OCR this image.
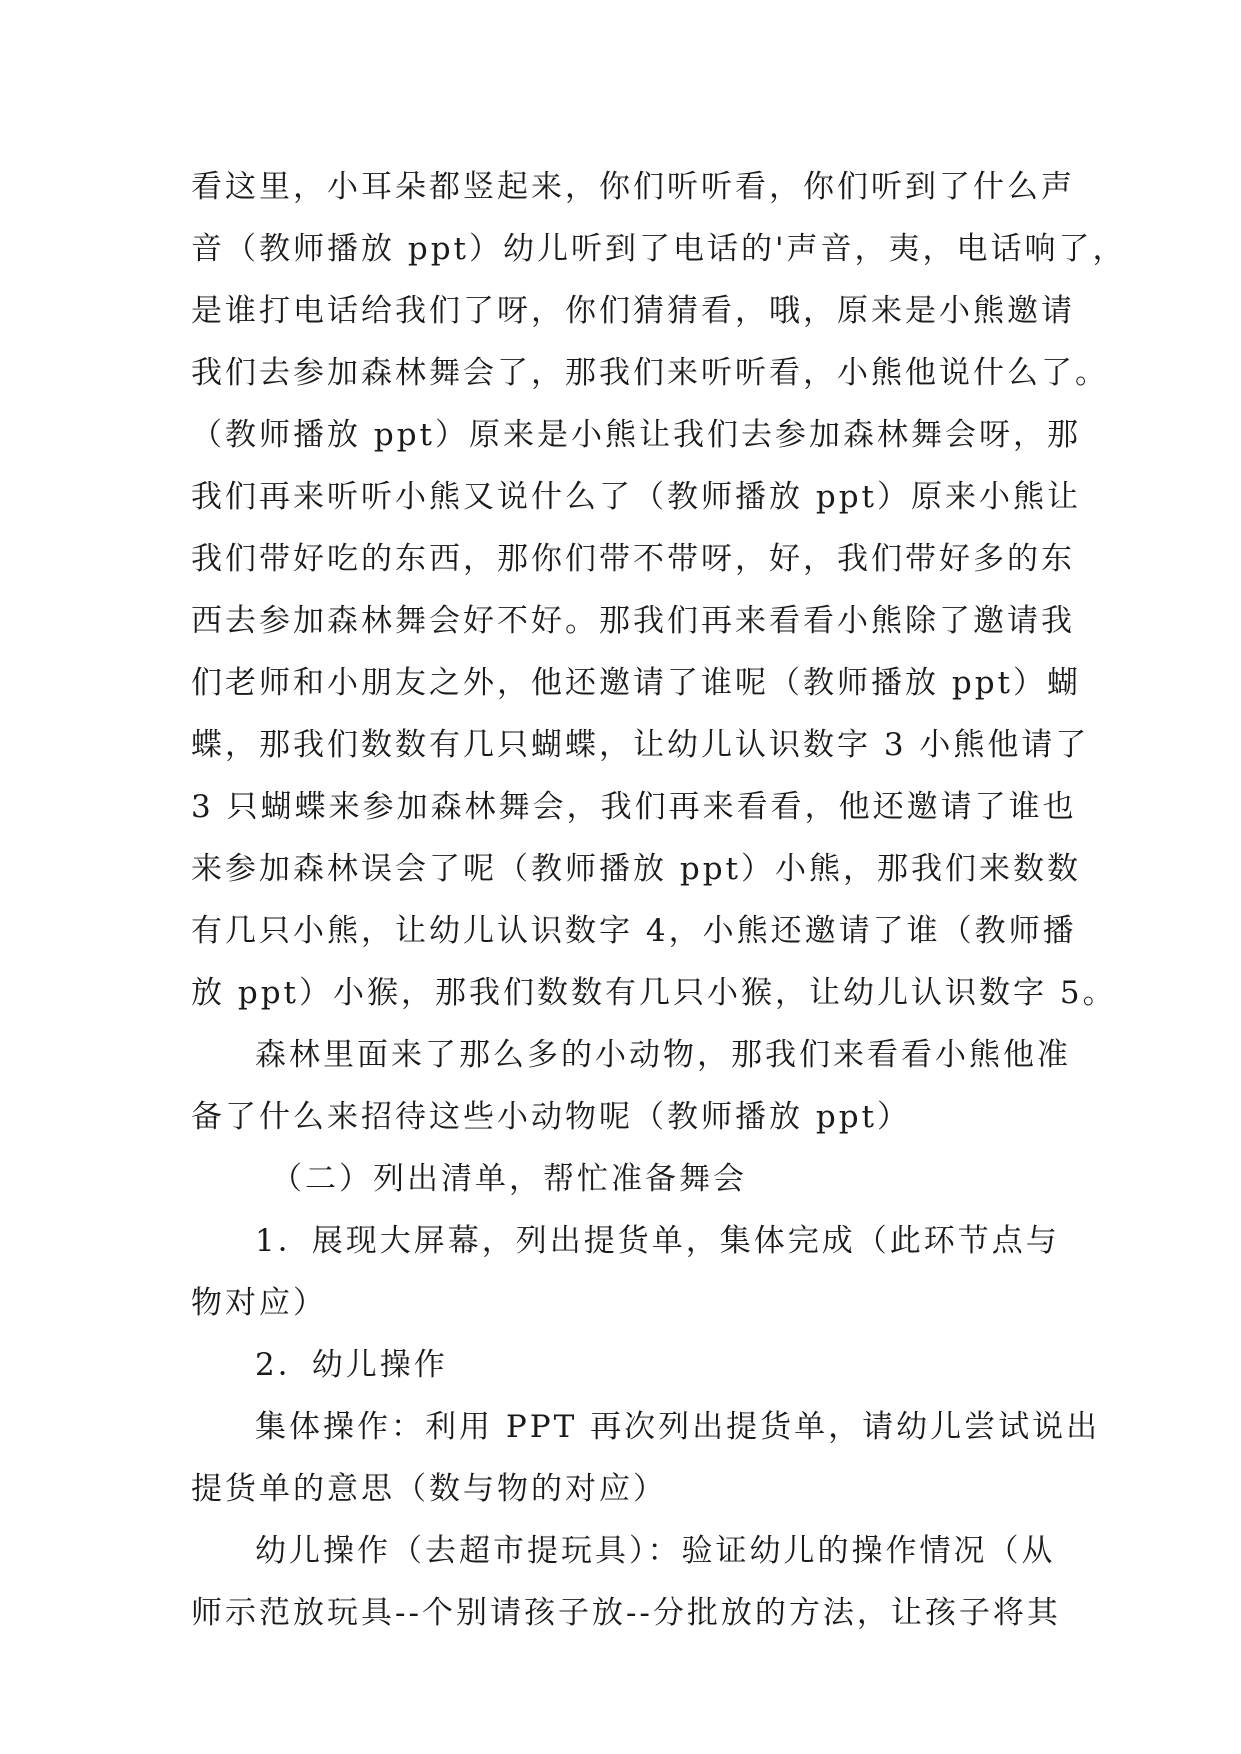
看这里，小耳朵都竖起来，你们听听看，你们听到了什么声
音（教师播放 ppt）幼儿听到了电话的'声音，夷，电话响了，
是谁打电话给我们了呀，你们猜猜看，哦，原来是小熊邀请
我们去参加森林舞会了，那我们来听听看，小熊他说什么了。
（教师播放 ppt）原来是小熊让我们去参加森林舞会呀，那
我们再来听听小熊又说什么了（教师播放 ppt）原来小熊让
我们带好吃的东西，那你们带不带呀，好，我们带好多的东
西去参加森林舞会好不好。那我们再来看看小熊除了邀请我
们老师和小朋友之外，他还邀请了谁呢（教师播放 ppt）蝴
蝶，那我们数数有几只蝴蝶，让幼儿认识数字 3 小熊他请了
3 只蝴蝶来参加森林舞会，我们再来看看，他还邀请了谁也
来参加森林误会了呢（教师播放 ppt）小熊，那我们来数数
有几只小熊，让幼儿认识数字 4，小熊还邀请了谁（教师播
放 ppt）小猴，那我们数数有几只小猴，让幼儿认识数字 5。
森林里面来了那么多的小动物，那我们来看看小熊他准
备了什么来招待这些小动物呢（教师播放 ppt）
（二）列出清单，帮忙准备舞会
1．展现大屏幕，列出提货单，集体完成（此环节点与
物对应）
2．幼儿操作
集体操作：利用 PPT 再次列出提货单，请幼儿尝试说出
提货单的意思（数与物的对应）
幼儿操作（去超市提玩具）：验证幼儿的操作情况（从
师示范放玩具--个别请孩子放--分批放的方法，让孩子将其
